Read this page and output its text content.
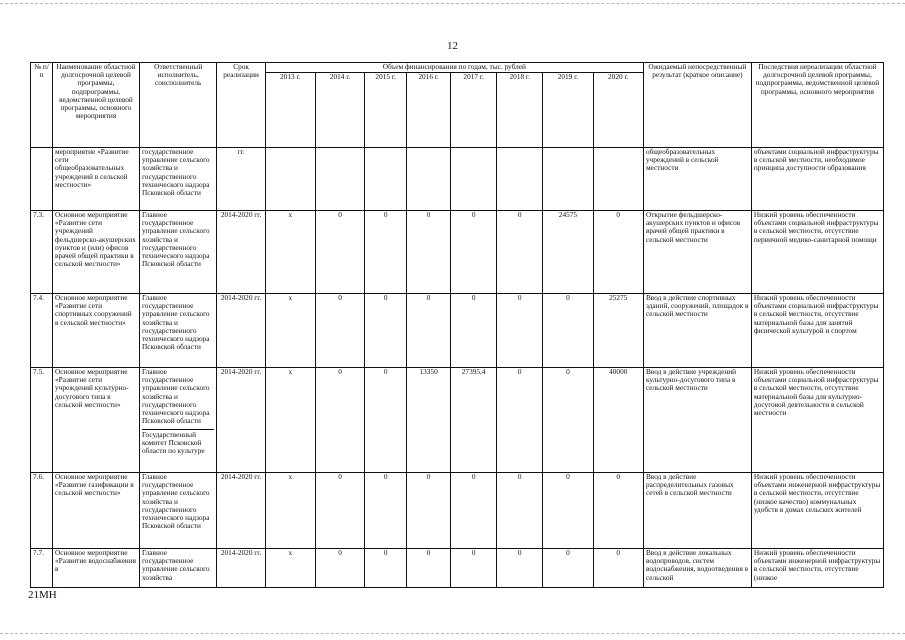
12
№ п/п	Наименование областной долгосрочной целевой программы, подпрограммы, ведомственной целевой программы, основного мероприятия	Ответственный исполнитель, соисполнитель	Срок реализации	Объем финансирования по годам, тыс. рублей								Ожидаемый непосредственный результат (краткое описание)	Последствия нереализации областной долгосрочной целевой программы, подпрограммы, ведомственной целевой программы, основного мероприятия
				2013 г.	2014 г.	2015 г.	2016 г.	2017 г.	2018 г.	2019 г.	2020 г.		
	мероприятие «Развитие сети общеобразовательных учреждений в сельской местности»	государственное управление сельского хозяйства и государственного технического надзора Псковской области	гг.									общеобразовательных учреждений в сельской местности	объектами социальной инфраструктуры в сельской местности, необходимое принципа доступности образования
7.3.	Основное мероприятие «Развитие сети учреждений фельдшерско-акушерских пунктов и (или) офисов врачей общей практики в сельской местности»	Главное государственное управление сельского хозяйства и государственного технического надзора Псковской области	2014-2020 гг.	х	0	0	0	0	0	24575	0	Открытие фельдшерско-акушерских пунктов и офисов врачей общей практики в сельской местности	Низкий уровень обеспеченности объектами социальной инфраструктуры в сельской местности, отсутствие первичной медико-санитарной помощи
7.4.	Основное мероприятие «Развитие сети спортивных сооружений в сельской местности»	Главное государственное управление сельского хозяйства и государственного технического надзора Псковской области	2014-2020 гг.	х	0	0	0	0	0	0	25275	Ввод в действие спортивных зданий, сооружений, площадок в сельской местности	Низкий уровень обеспеченности объектами социальной инфраструктуры в сельской местности, отсутствие материальной базы для занятий физической культурой и спортом
7.5.	Основное мероприятие «Развитие сети учреждений культурно-досугового типа в сельской местности»	Главное государственное управление сельского хозяйства и государственного технического надзора Псковской области
Государственный комитет Псковской области по культуре	2014-2020 гг.	х	0	0	13350	27395,4	0	0	40000	Ввод в действие учреждений культурно-досугового типа в сельской местности	Низкий уровень обеспеченности объектами социальной инфраструктуры в сельской местности, отсутствие материальной базы для культурно-досуговой деятельности в сельской местности
7.6.	Основное мероприятие «Развитие газификации в сельской местности»	Главное государственное управление сельского хозяйства и государственного технического надзора Псковской области	2014-2020 гг.	х	0	0	0	0	0	0	0	Ввод в действие распределительных газовых сетей в сельской местности	Низкий уровень обеспеченности объектами инженерной инфраструктуры в сельской местности, отсутствие (низкое качество) коммунальных удобств в домах сельских жителей

7.7.	Основное мероприятие «Развитие водоснабжения в	Главное государственное управление сельского хозяйства	2014-2020 гг.	х	0	0	0	0	0	0	0	Ввод в действие локальных водопроводов, систем водоснабжения, водоотведения в сельской	Низкий уровень обеспеченности объектами инженерной инфраструктуры в сельской местности, отсутствие (низкое
21МН
